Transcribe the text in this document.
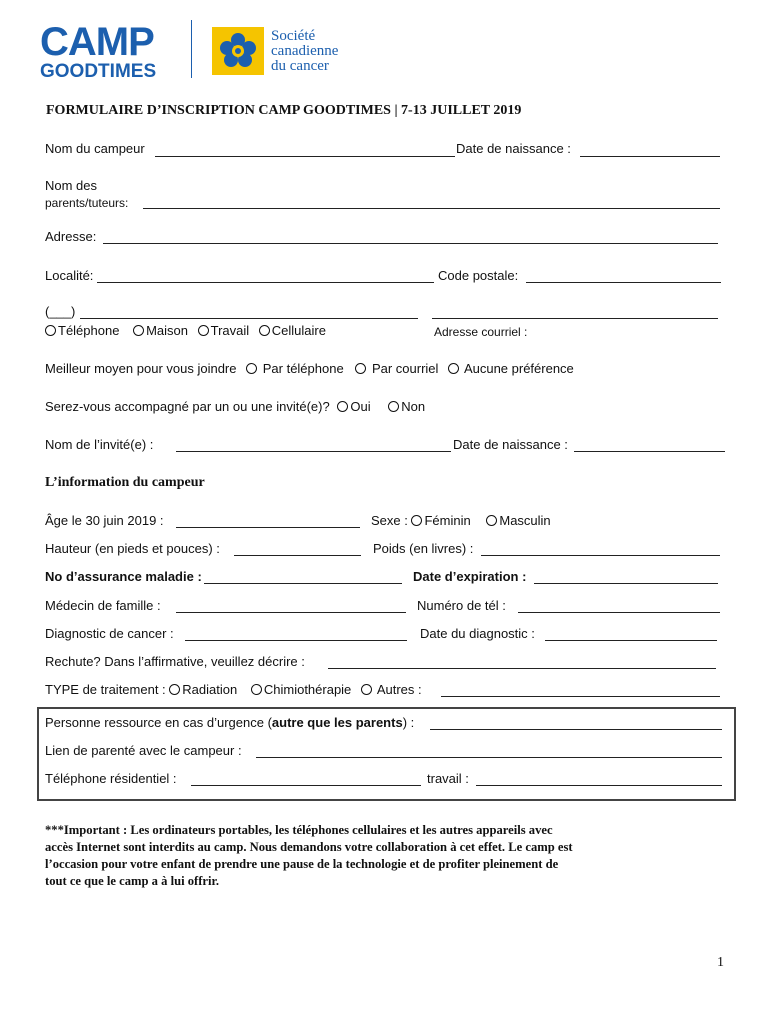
CAMP
GOODTIMES
Société
canadienne
du cancer
FORMULAIRE D’INSCRIPTION CAMP GOODTIMES | 7-13 JUILLET 2019
Nom du campeur	Date de naissance :
Nom des
parents/tuteurs:
Adresse:
Localité:	Code postale:
(___)
Téléphone Maison Travail Cellulaire	Adresse courriel :
Meilleur moyen pour vous joindre Par téléphone Par courriel Aucune préférence
Serez-vous accompagné par un ou une invité(e)? Oui Non
Nom de l’invité(e) :	Date de naissance :
L’information du campeur
Âge le 30 juin 2019 :	Sexe : Féminin Masculin
Hauteur (en pieds et pouces) :	Poids (en livres) :
No d’assurance maladie :	Date d’expiration :
Médecin de famille :	Numéro de tél :
Diagnostic de cancer :	Date du diagnostic :
Rechute? Dans l’affirmative, veuillez décrire :
TYPE de traitement : Radiation Chimiothérapie Autres :
Personne ressource en cas d’urgence (autre que les parents) :
Lien de parenté avec le campeur :
Téléphone résidentiel :	travail :
***Important : Les ordinateurs portables, les téléphones cellulaires et les autres appareils avec
accès Internet sont interdits au camp. Nous demandons votre collaboration à cet effet. Le camp est
l’occasion pour votre enfant de prendre une pause de la technologie et de profiter pleinement de
tout ce que le camp a à lui offrir.
1
